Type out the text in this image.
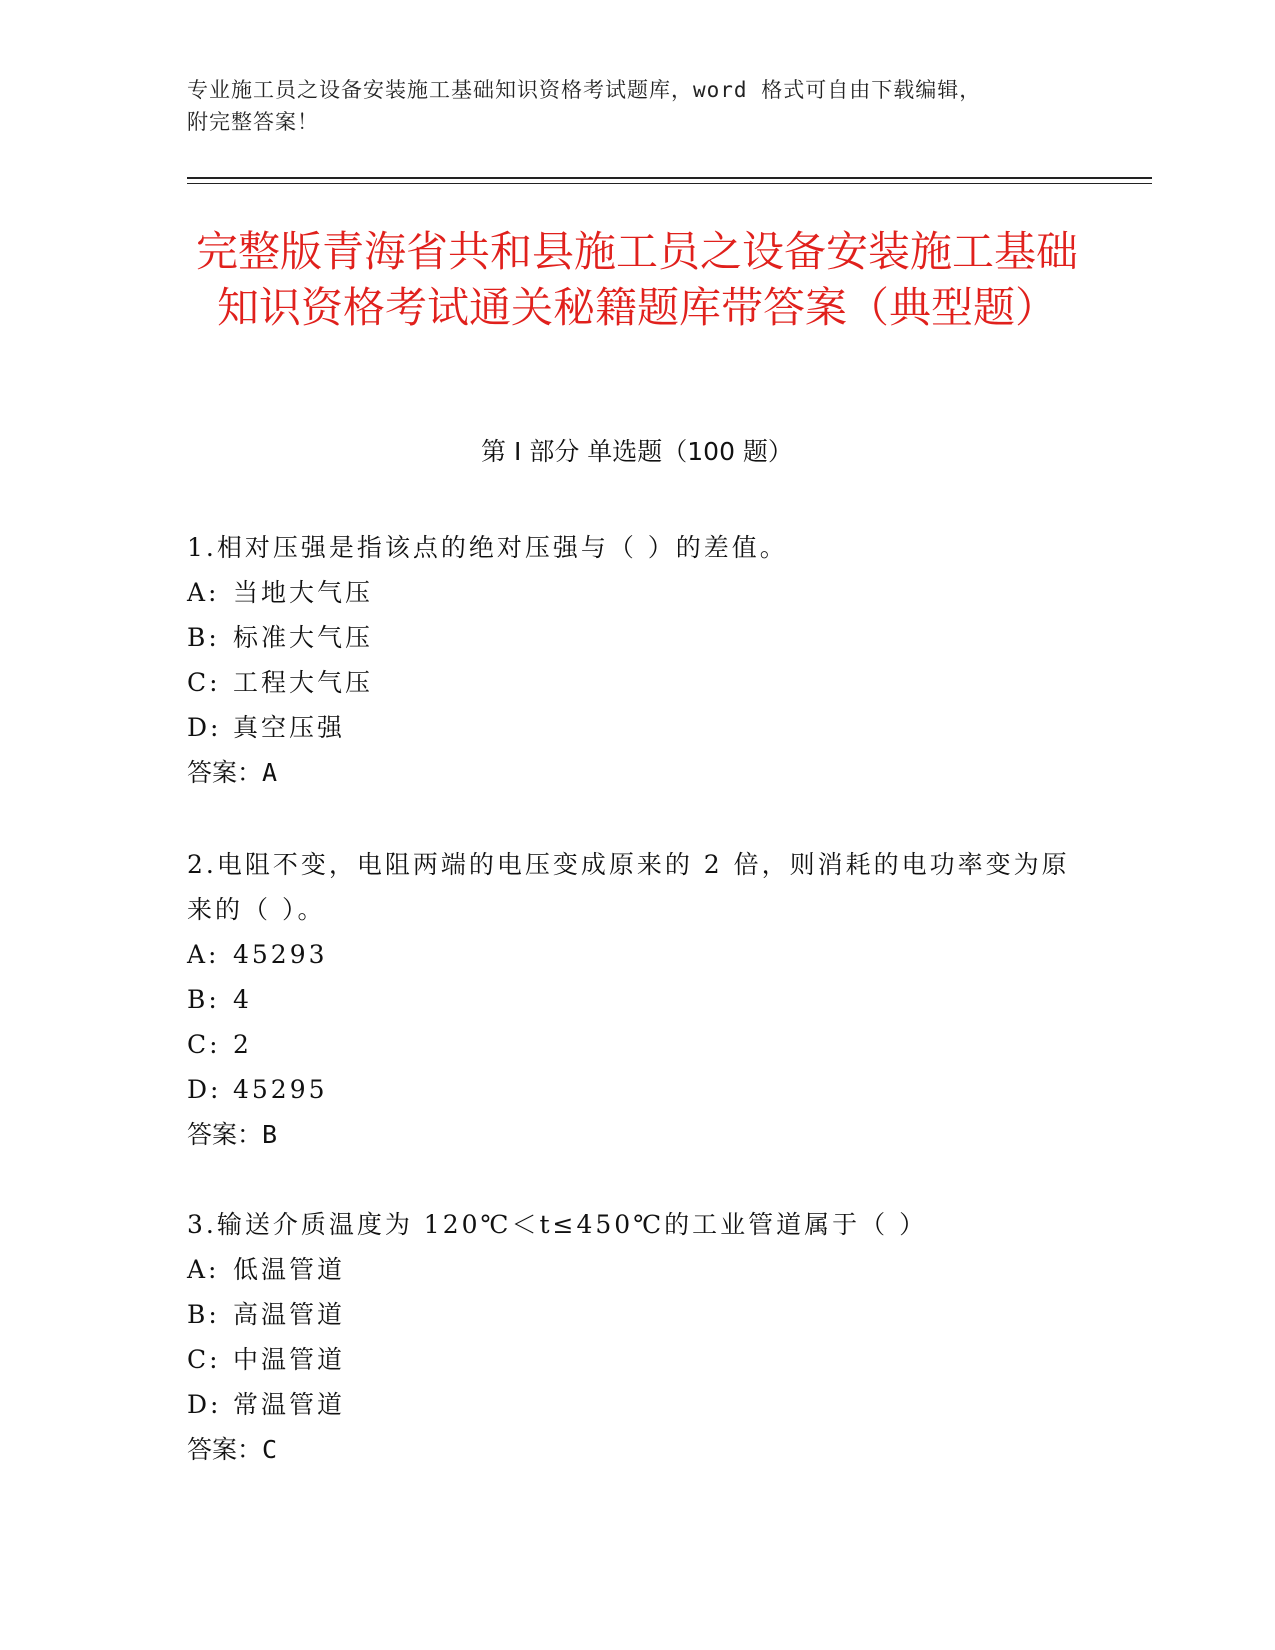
专业施工员之设备安装施工基础知识资格考试题库，word 格式可自由下载编辑，
附完整答案！
完整版青海省共和县施工员之设备安装施工基础知识资格考试通关秘籍题库带答案（典型题）
第 I 部分 单选题（100 题）
1.相对压强是指该点的绝对压强与（ ）的差值。
A: 当地大气压
B: 标准大气压
C: 工程大气压
D: 真空压强
答案：A
2.电阻不变，电阻两端的电压变成原来的 2 倍，则消耗的电功率变为原来的（ ）。
A: 45293
B: 4
C: 2
D: 45295
答案：B
3.输送介质温度为 120℃＜t≤450℃的工业管道属于（ ）
A: 低温管道
B: 高温管道
C: 中温管道
D: 常温管道
答案：C
